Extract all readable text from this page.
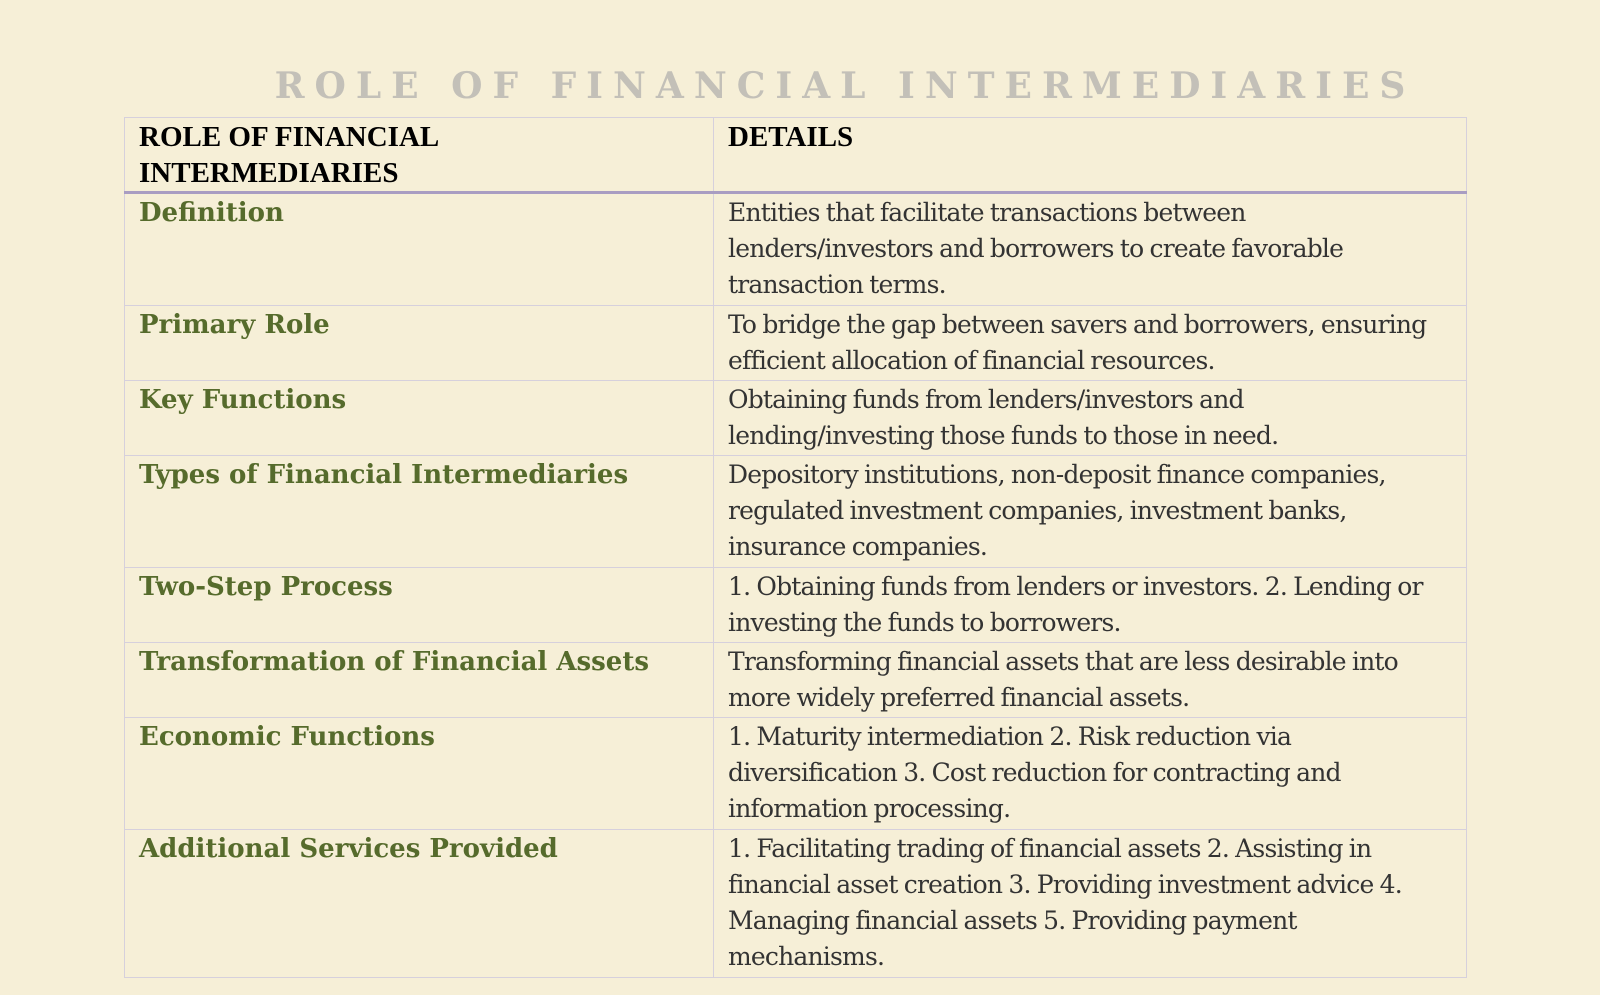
ROLE OF FINANCIAL INTERMEDIARIES
ROLE OF FINANCIAL INTERMEDIARIES	DETAILS
Definition	Entities that facilitate transactions between lenders/investors and borrowers to create favorable transaction terms.
Primary Role	To bridge the gap between savers and borrowers, ensuring efficient allocation of financial resources.
Key Functions	Obtaining funds from lenders/investors and lending/investing those funds to those in need.
Types of Financial Intermediaries	Depository institutions, non-deposit finance companies, regulated investment companies, investment banks, insurance companies.
Two-Step Process	1. Obtaining funds from lenders or investors. 2. Lending or investing the funds to borrowers.
Transformation of Financial Assets	Transforming financial assets that are less desirable into more widely preferred financial assets.
Economic Functions	1. Maturity intermediation 2. Risk reduction via diversification 3. Cost reduction for contracting and information processing.
Additional Services Provided	1. Facilitating trading of financial assets 2. Assisting in financial asset creation 3. Providing investment advice 4. Managing financial assets 5. Providing payment mechanisms.
